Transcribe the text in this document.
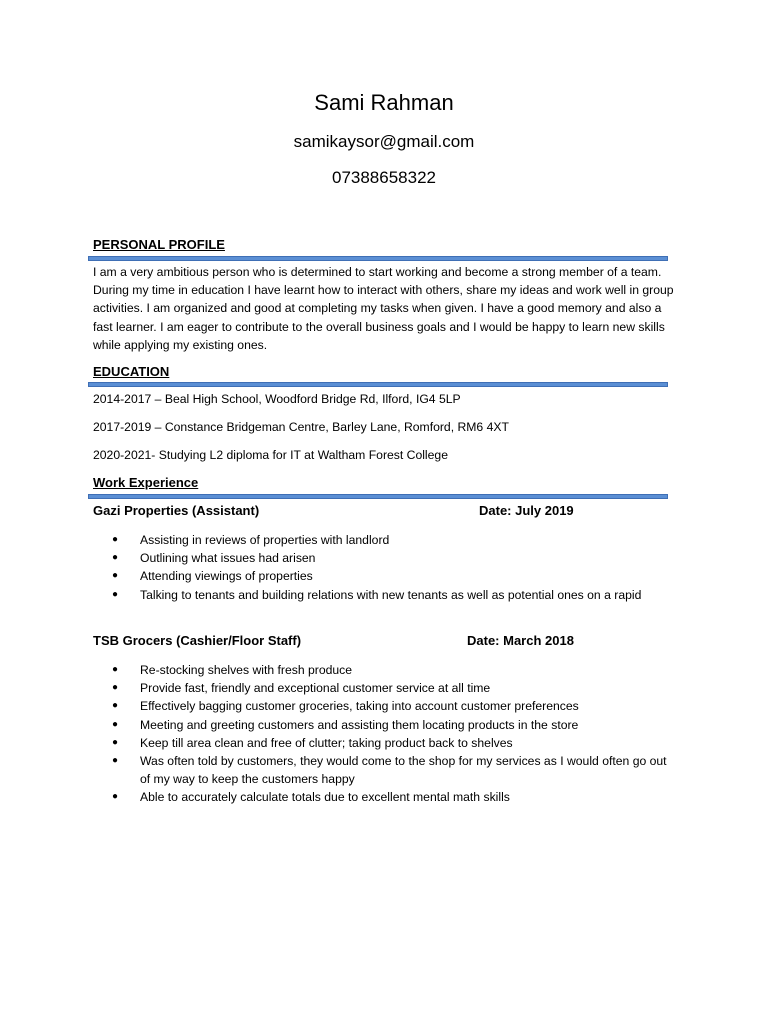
Sami Rahman
samikaysor@gmail.com
07388658322
PERSONAL PROFILE
I am a very ambitious person who is determined to start working and become a strong member of a team. During my time in education I have learnt how to interact with others, share my ideas and work well in group activities. I am organized and good at completing my tasks when given. I have a good memory and also a fast learner. I am eager to contribute to the overall business goals and I would be happy to learn new skills while applying my existing ones.
EDUCATION
2014-2017 – Beal High School, Woodford Bridge Rd, Ilford, IG4 5LP
2017-2019 – Constance Bridgeman Centre, Barley Lane, Romford, RM6 4XT
2020-2021- Studying L2 diploma for IT at Waltham Forest College
Work Experience
Gazi Properties (Assistant)	Date: July 2019
● Assisting in reviews of properties with landlord
● Outlining what issues had arisen
● Attending viewings of properties
● Talking to tenants and building relations with new tenants as well as potential ones on a rapid
TSB Grocers (Cashier/Floor Staff)	Date: March 2018
● Re-stocking shelves with fresh produce
● Provide fast, friendly and exceptional customer service at all time
● Effectively bagging customer groceries, taking into account customer preferences
● Meeting and greeting customers and assisting them locating products in the store
● Keep till area clean and free of clutter; taking product back to shelves
● Was often told by customers, they would come to the shop for my services as I would often go out of my way to keep the customers happy
● Able to accurately calculate totals due to excellent mental math skills
